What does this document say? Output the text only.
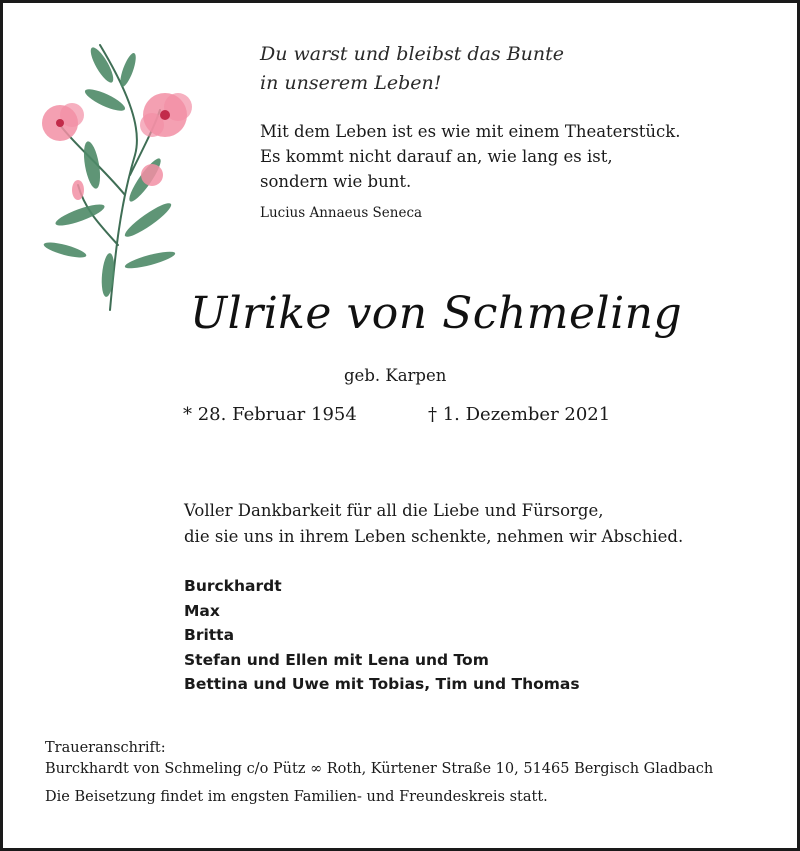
Du warst und bleibst das Bunte
in unserem Leben!
Mit dem Leben ist es wie mit einem Theaterstück.
Es kommt nicht darauf an, wie lang es ist,
sondern wie bunt.
Lucius Annaeus Seneca
Ulrike von Schmeling
geb. Karpen
* 28. Februar 1954	† 1. Dezember 2021
Voller Dankbarkeit für all die Liebe und Fürsorge,
die sie uns in ihrem Leben schenkte, nehmen wir Abschied.
Burckhardt
Max
Britta
Stefan und Ellen mit Lena und Tom
Bettina und Uwe mit Tobias, Tim und Thomas
Traueranschrift:
Burckhardt von Schmeling c/o Pütz ∞ Roth, Kürtener Straße 10, 51465 Bergisch Gladbach
Die Beisetzung findet im engsten Familien- und Freundeskreis statt.
